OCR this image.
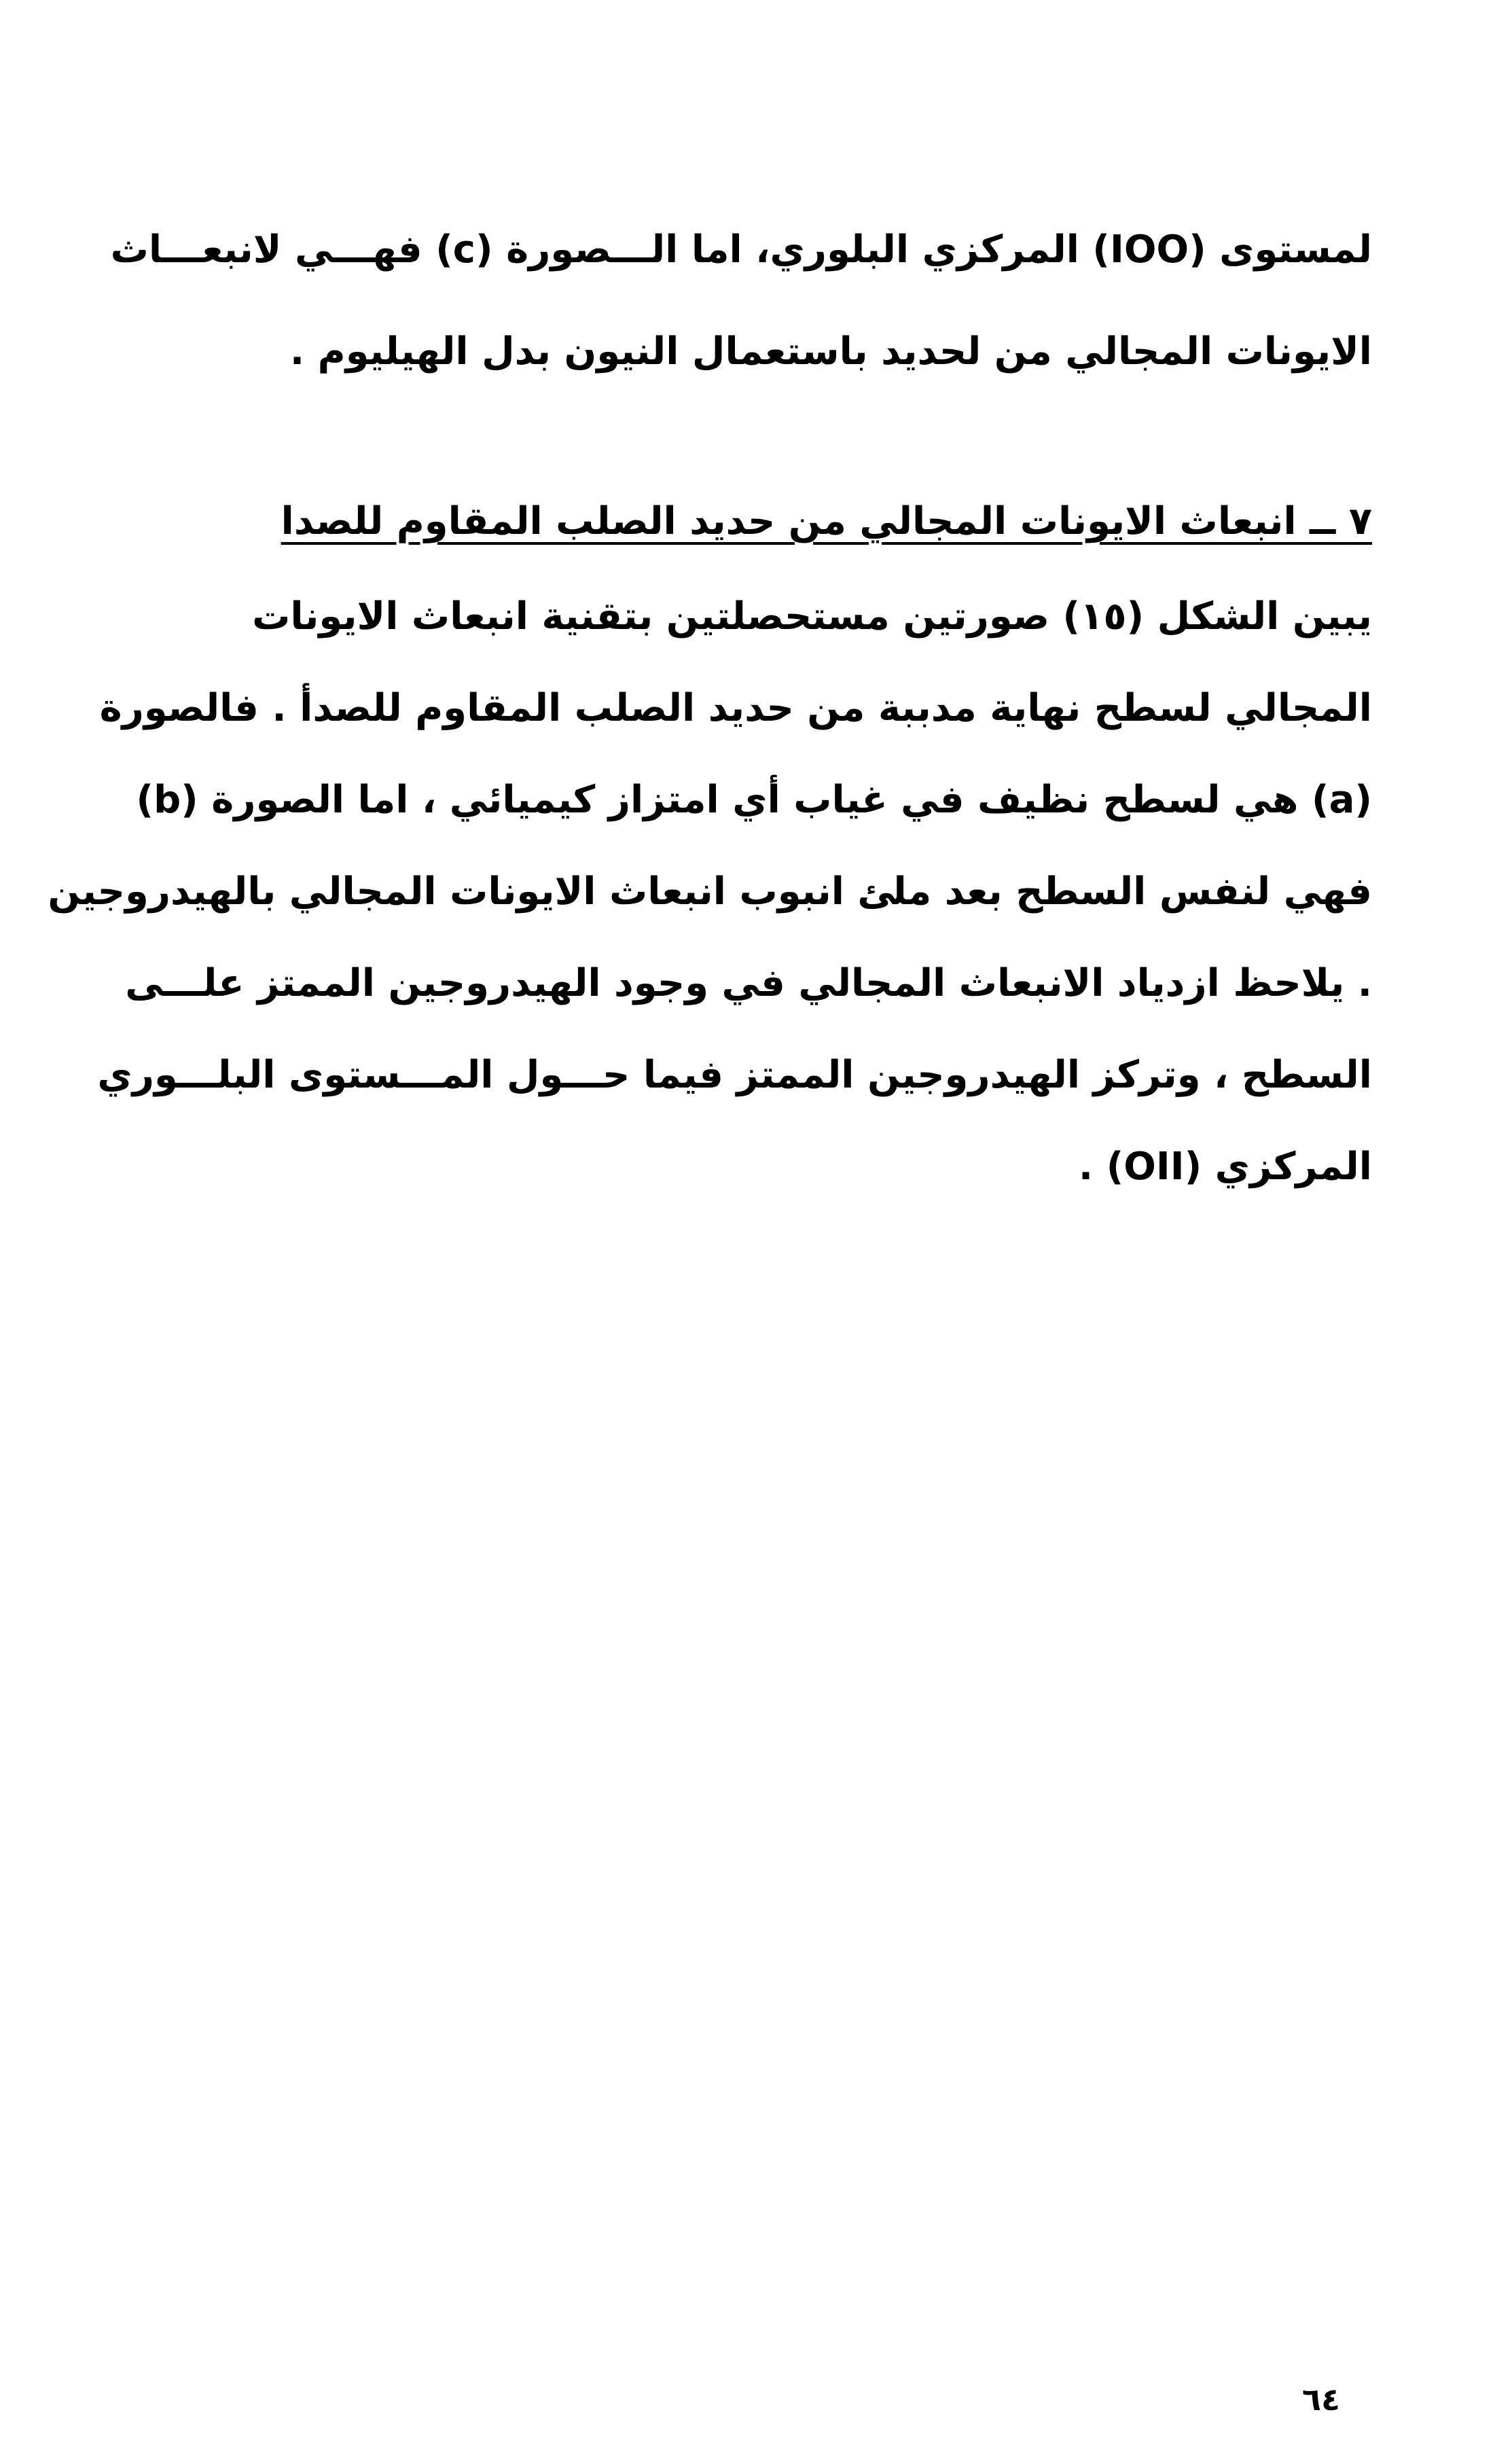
لمستوى (IOO) المركزي البلوري، اما الـــصورة (c) فهـــي لانبعـــاث
الايونات المجالي من لحديد باستعمال النيون بدل الهيليوم .
٧ ــ انبعاث الايونات المجالي من حديد الصلب المقاوم للصدا
يبين الشكل (١٥) صورتين مستحصلتين بتقنية انبعاث الايونات
المجالي لسطح نهاية مدببة من حديد الصلب المقاوم للصدأ . فالصورة
(a) هي لسطح نظيف في غياب أي امتزاز كيميائي ، اما الصورة (b)
فهي لنفس السطح بعد ملئ انبوب انبعاث الايونات المجالي بالهيدروجين
. يلاحظ ازدياد الانبعاث المجالي في وجود الهيدروجين الممتز علـــى
السطح ، وتركز الهيدروجين الممتز فيما حـــول المـــستوى البلـــوري
المركزي (OII) .
٦٤
